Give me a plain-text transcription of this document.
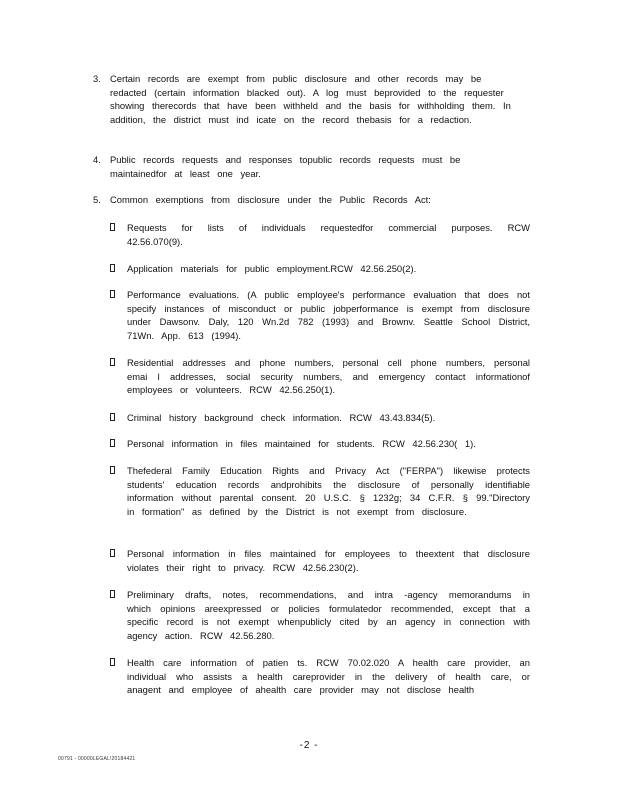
3. Certain records are exempt from public disclosure and other records may be redacted (certain information blacked out). A log must beprovided to the requester showing therecords that have been withheld and the basis for withholding them. In addition, the district must ind icate on the record thebasis for a redaction.
4. Public records requests and responses topublic records requests must be maintainedfor at least one year.
5. Common exemptions from disclosure under the Public Records Act:
Requests for lists of individuals requestedfor commercial purposes. RCW 42.56.070(9).
Application materials for public employment.RCW 42.56.250(2).
Performance evaluations. (A public employee's performance evaluation that does not specify instances of misconduct or public jobperformance is exempt from disclosure under Dawsonv. Daly, 120 Wn.2d 782 (1993) and Brownv. Seattle School District, 71Wn. App. 613 (1994).
Residential addresses and phone numbers, personal cell phone numbers, personal emai l addresses, social security numbers, and emergency contact informationof employees or volunteers. RCW 42.56.250(1).
Criminal history background check information. RCW 43.43.834(5).
Personal information in files maintained for students. RCW 42.56.230( 1).
Thefederal Family Education Rights and Privacy Act ("FERPA") likewise protects students' education records andprohibits the disclosure of personally identifiable information without parental consent. 20 U.S.C. § 1232g; 34 C.F.R. § 99."Directory in formation" as defined by the District is not exempt from disclosure.
Personal information in files maintained for employees to theextent that disclosure violates their right to privacy. RCW 42.56.230(2).
Preliminary drafts, notes, recommendations, and intra -agency memorandums in which opinions areexpressed or policies formulatedor recommended, except that a specific record is not exempt whenpublicly cited by an agency in connection with agency action. RCW 42.56.280.
Health care information of patien ts. RCW 70.02.020 A health care provider, an individual who assists a health careprovider in the delivery of health care, or anagent and employee of ahealth care provider may not disclose health
-2 -
00791 - 00000LEGAL!20184421
